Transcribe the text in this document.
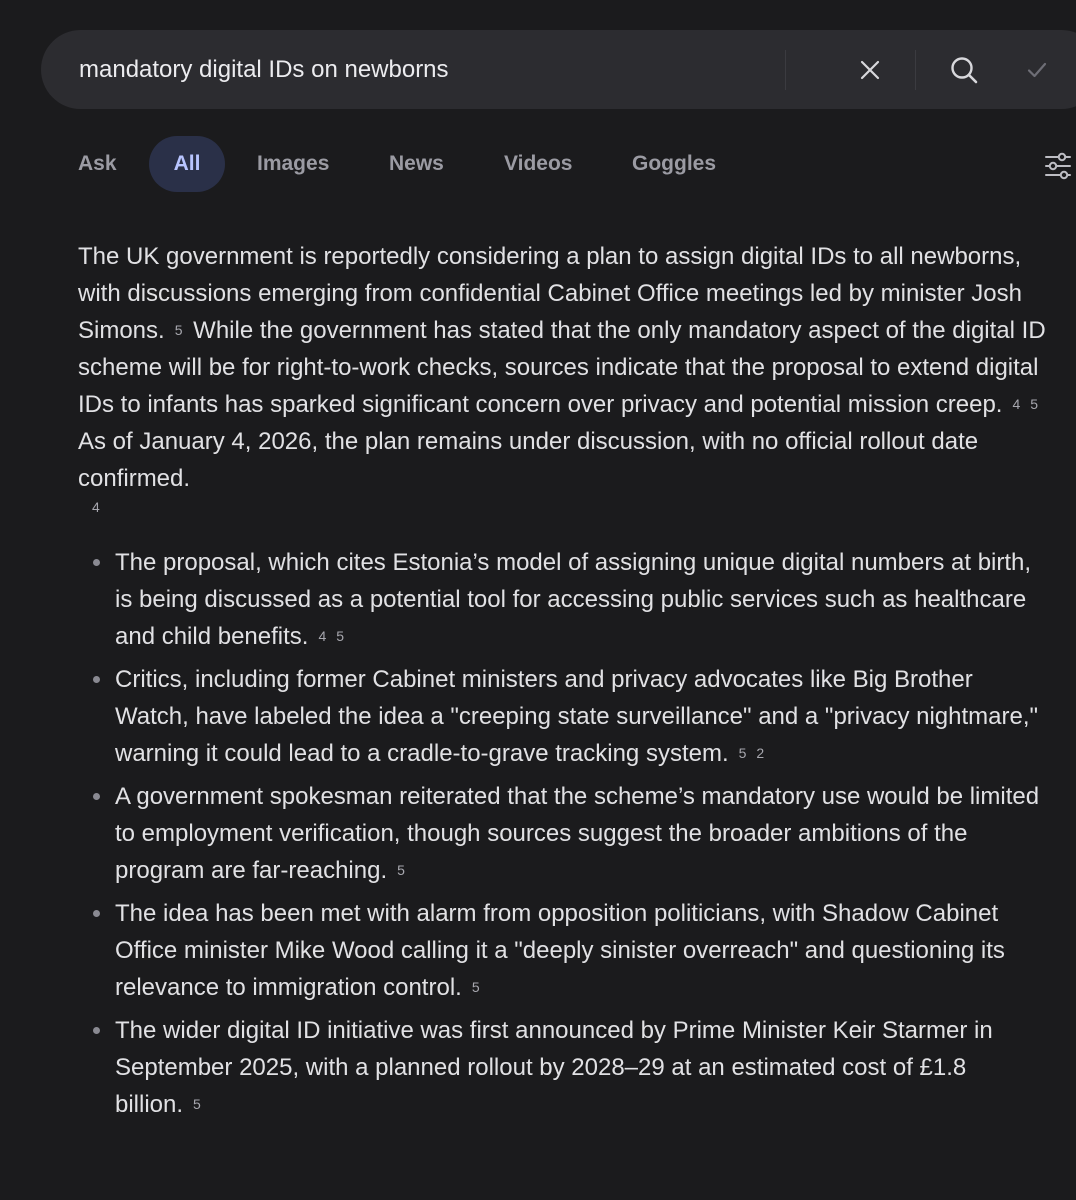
mandatory digital IDs on newborns
Ask	All	Images	News	Videos	Goggles

The UK government is reportedly considering a plan to assign digital IDs to all newborns, with discussions emerging from confidential Cabinet Office meetings led by minister Josh Simons. 5 While the government has stated that the only mandatory aspect of the digital ID scheme will be for right-to-work checks, sources indicate that the proposal to extend digital IDs to infants has sparked significant concern over privacy and potential mission creep. 4 5 As of January 4, 2026, the plan remains under discussion, with no official rollout date confirmed.
4

The proposal, which cites Estonia’s model of assigning unique digital numbers at birth, is being discussed as a potential tool for accessing public services such as healthcare and child benefits. 4 5
Critics, including former Cabinet ministers and privacy advocates like Big Brother Watch, have labeled the idea a "creeping state surveillance" and a "privacy nightmare," warning it could lead to a cradle-to-grave tracking system. 5 2
A government spokesman reiterated that the scheme’s mandatory use would be limited to employment verification, though sources suggest the broader ambitions of the program are far-reaching. 5
The idea has been met with alarm from opposition politicians, with Shadow Cabinet Office minister Mike Wood calling it a "deeply sinister overreach" and questioning its relevance to immigration control. 5
The wider digital ID initiative was first announced by Prime Minister Keir Starmer in September 2025, with a planned rollout by 2028–29 at an estimated cost of £1.8 billion. 5
